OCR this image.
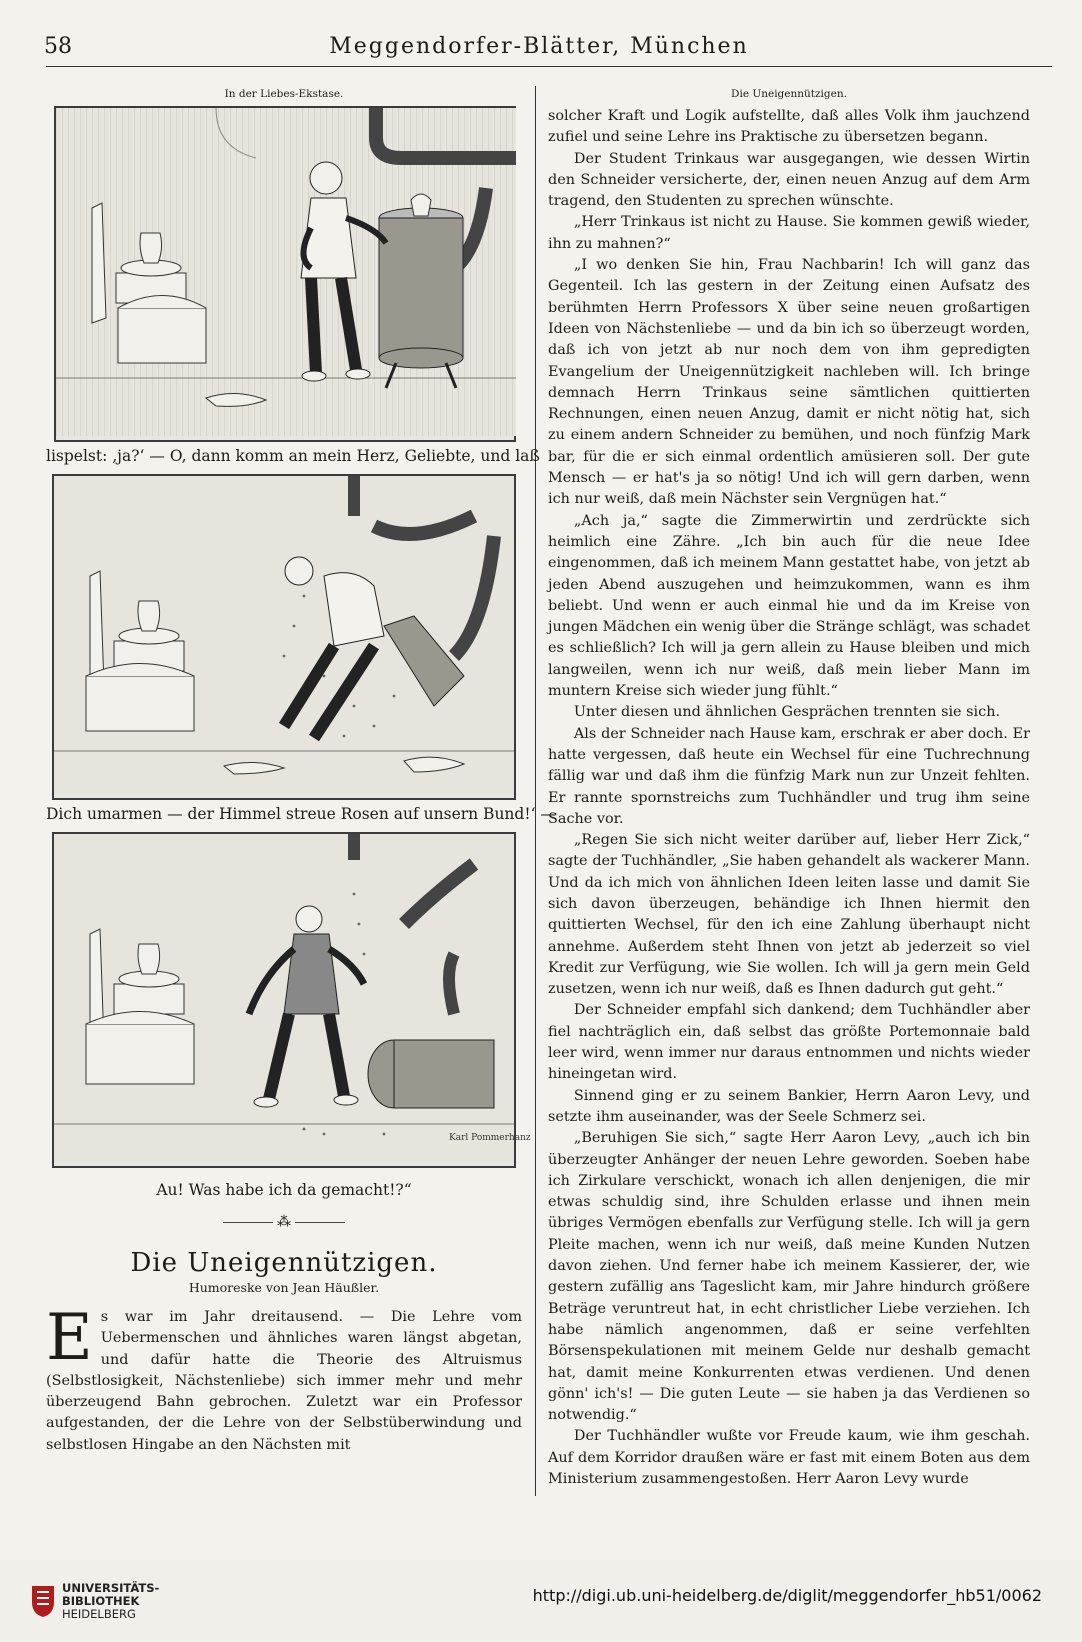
58	Meggendorfer-Blätter, München
In der Liebes-Ekstase.
lispelst: ‚ja?‘ — O, dann komm an mein Herz, Geliebte, und laß
Dich umarmen — der Himmel streue Rosen auf unsern Bund!‘ —
Karl Pommerhanz
Au! Was habe ich da gemacht!?“
⁂
Die Uneigennützigen.
Humoreske von Jean Häußler.

Es war im Jahr dreitausend. — Die Lehre vom Uebermenschen und ähnliches waren längst abgetan, und dafür hatte die Theorie des Altruismus (Selbstlosigkeit, Nächstenliebe) sich immer mehr und mehr überzeugend Bahn gebrochen. Zuletzt war ein Professor aufgestanden, der die Lehre von der Selbstüberwindung und selbstlosen Hingabe an den Nächsten mit

Die Uneigennützigen.

solcher Kraft und Logik aufstellte, daß alles Volk ihm jauchzend zufiel und seine Lehre ins Praktische zu übersetzen begann.

Der Student Trinkaus war ausgegangen, wie dessen Wirtin den Schneider versicherte, der, einen neuen Anzug auf dem Arm tragend, den Studenten zu sprechen wünschte.

„Herr Trinkaus ist nicht zu Hause. Sie kommen gewiß wieder, ihn zu mahnen?“

„I wo denken Sie hin, Frau Nachbarin! Ich will ganz das Gegenteil. Ich las gestern in der Zeitung einen Aufsatz des berühmten Herrn Professors X über seine neuen großartigen Ideen von Nächstenliebe — und da bin ich so überzeugt worden, daß ich von jetzt ab nur noch dem von ihm gepredigten Evangelium der Uneigennützigkeit nachleben will. Ich bringe demnach Herrn Trinkaus seine sämtlichen quittierten Rechnungen, einen neuen Anzug, damit er nicht nötig hat, sich zu einem andern Schneider zu bemühen, und noch fünfzig Mark bar, für die er sich einmal ordentlich amüsieren soll. Der gute Mensch — er hat's ja so nötig! Und ich will gern darben, wenn ich nur weiß, daß mein Nächster sein Vergnügen hat.“

„Ach ja,“ sagte die Zimmerwirtin und zerdrückte sich heimlich eine Zähre. „Ich bin auch für die neue Idee eingenommen, daß ich meinem Mann gestattet habe, von jetzt ab jeden Abend auszugehen und heimzukommen, wann es ihm beliebt. Und wenn er auch einmal hie und da im Kreise von jungen Mädchen ein wenig über die Stränge schlägt, was schadet es schließlich? Ich will ja gern allein zu Hause bleiben und mich langweilen, wenn ich nur weiß, daß mein lieber Mann im muntern Kreise sich wieder jung fühlt.“

Unter diesen und ähnlichen Gesprächen trennten sie sich.

Als der Schneider nach Hause kam, erschrak er aber doch. Er hatte vergessen, daß heute ein Wechsel für eine Tuchrechnung fällig war und daß ihm die fünfzig Mark nun zur Unzeit fehlten. Er rannte spornstreichs zum Tuchhändler und trug ihm seine Sache vor.

„Regen Sie sich nicht weiter darüber auf, lieber Herr Zick,“ sagte der Tuchhändler, „Sie haben gehandelt als wackerer Mann. Und da ich mich von ähnlichen Ideen leiten lasse und damit Sie sich davon überzeugen, behändige ich Ihnen hiermit den quittierten Wechsel, für den ich eine Zahlung überhaupt nicht annehme. Außerdem steht Ihnen von jetzt ab jederzeit so viel Kredit zur Verfügung, wie Sie wollen. Ich will ja gern mein Geld zusetzen, wenn ich nur weiß, daß es Ihnen dadurch gut geht.“

Der Schneider empfahl sich dankend; dem Tuchhändler aber fiel nachträglich ein, daß selbst das größte Portemonnaie bald leer wird, wenn immer nur daraus entnommen und nichts wieder hineingetan wird.

Sinnend ging er zu seinem Bankier, Herrn Aaron Levy, und setzte ihm auseinander, was der Seele Schmerz sei.

„Beruhigen Sie sich,“ sagte Herr Aaron Levy, „auch ich bin überzeugter Anhänger der neuen Lehre geworden. Soeben habe ich Zirkulare verschickt, wonach ich allen denjenigen, die mir etwas schuldig sind, ihre Schulden erlasse und ihnen mein übriges Vermögen ebenfalls zur Verfügung stelle. Ich will ja gern Pleite machen, wenn ich nur weiß, daß meine Kunden Nutzen davon ziehen. Und ferner habe ich meinem Kassierer, der, wie gestern zufällig ans Tageslicht kam, mir Jahre hindurch größere Beträge veruntreut hat, in echt christlicher Liebe verziehen. Ich habe nämlich angenommen, daß er seine verfehlten Börsenspekulationen mit meinem Gelde nur deshalb gemacht hat, damit meine Konkurrenten etwas verdienen. Und denen gönn' ich's! — Die guten Leute — sie haben ja das Verdienen so notwendig.“

Der Tuchhändler wußte vor Freude kaum, wie ihm geschah. Auf dem Korridor draußen wäre er fast mit einem Boten aus dem Ministerium zusammengestoßen. Herr Aaron Levy wurde

UNIVERSITÄTS-
BIBLIOTHEK
HEIDELBERG
http://digi.ub.uni-heidelberg.de/diglit/meggendorfer_hb51/0062
